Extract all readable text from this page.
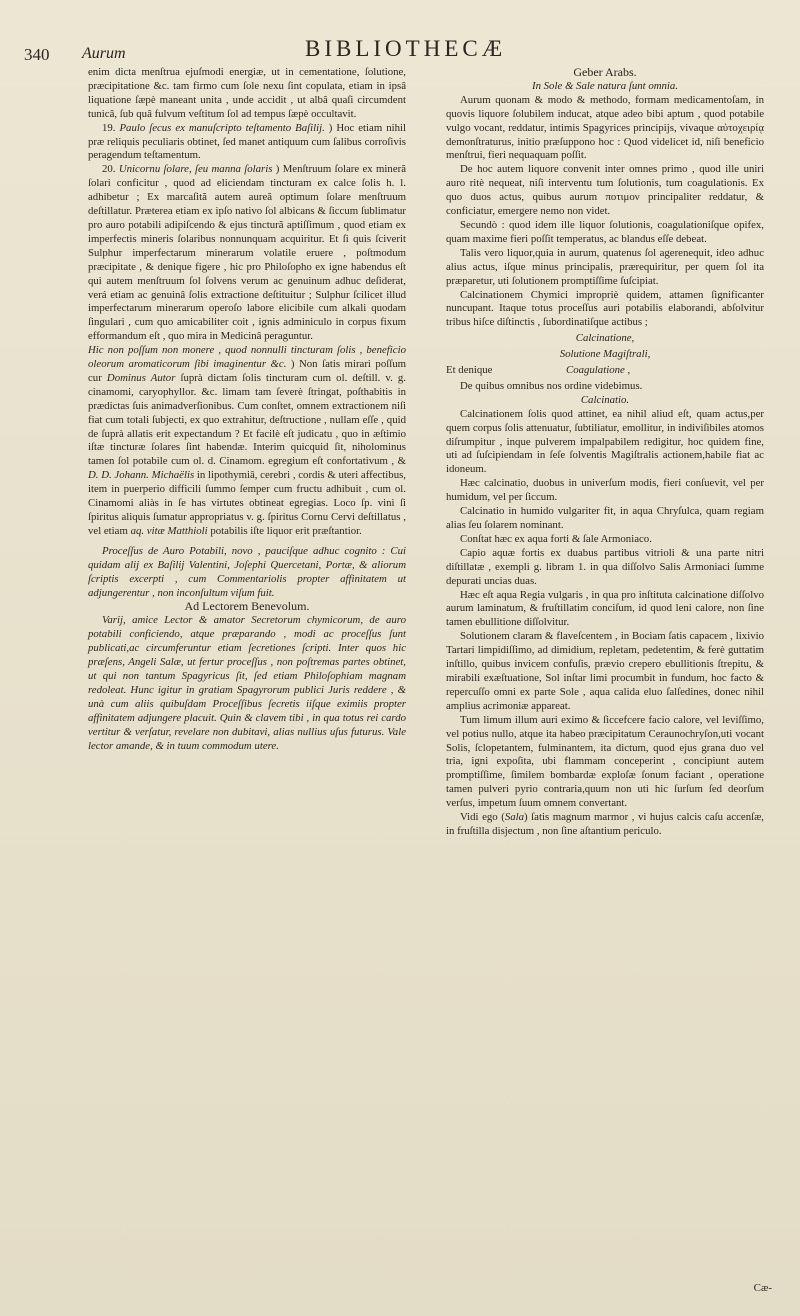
340 Aurum	BIBLIOTHECÆ

enim dicta menſtrua ejuſmodi energiæ, ut in cementatione, ſolutione, præcipitatione &c. tam firmo cum ſole nexu ſint copulata, etiam in ipsâ liquatione ſæpè maneant unita , unde accidit , ut albâ quaſi circumdent tunicâ, ſub quâ fulvum veſtitum ſol ad tempus ſæpè occultavit.

19. Paulo ſecus ex manuſcripto teſtamento Baſilij. ) Hoc etiam nihil præ reliquis peculiaris obtinet, ſed manet antiquum cum ſalibus corroſivis peragendum teſtamentum.

20. Unicornu ſolare, ſeu manna ſolaris ) Menſtruum ſolare ex mineră ſolari conficitur , quod ad eliciendam tincturam ex calce ſolis h. l. adhibetur ; Ex marcaſită autem aureă optimum ſolare menſtruum deſtillatur. Præterea etiam ex ipſo nativo ſol albicans & ſiccum ſublimatur pro auro potabili adipiſcendo & ejus tinctură aptiſſimum , quod etiam ex imperfectis mineris ſolaribus nonnunquam acquiritur. Et ſi quis ſciverit Sulphur imperfectarum minerarum volatile eruere , poſtmodum præcipitate , & denique figere , hic pro Philoſopho ex igne habendus eſt qui autem menſtruum ſol ſolvens verum ac genuinum adhuc deſiderat, verá etiam ac genuinâ ſolis extractione deſtituitur ; Sulphur ſcilicet illud imperfectarum minerarum operoſo labore elicibile cum alkali quodam ſingulari , cum quo amicabiliter coit , ignis adminiculo in corpus fixum efformandum eſt , quo mira in Medicinâ peraguntur.

Hic non poſſum non monere , quod nonnulli tincturam ſolis , beneficio oleorum aromaticorum ſibi imaginentur &c. ) Non ſatis mirari poſſum cur Dominus Autor ſuprà dictam ſolis tincturam cum ol. deſtill. v. g. cinamomi, caryophyllor. &c. limam tam ſeverè ſtringat, poſthabitis in prædictas ſuis animadverſionibus. Cum conſtet, omnem extractionem niſi fiat cum totali ſubjecti, ex quo extrahitur, deſtructione , nullam eſſe , quid de ſuprà allatis erit expectandum ? Et facilè eſt judicatu , quo in æſtimio iſtæ tincturæ ſolares ſint habendæ. Interim quicquid ſit, niholominus tamen ſol potabile cum ol. d. Cinamom. egregium eſt confortativum , & D. D. Johann. Michaëlis in lipothymiâ, cerebri , cordis & uteri affectibus, item in puerperio difficili ſummo ſemper cum fructu adhibuit , cum ol. Cinamomi aliàs in ſe has virtutes obtineat egregias. Loco ſp. vini ſi ſpiritus aliquis ſumatur appropriatus v. g. ſpiritus Cornu Cervi deſtillatus , vel etiam aq. vitæ Matthioli potabilis iſte liquor erit præſtantior.

Proceſſus de Auro Potabili, novo , pauciſque adhuc cognito : Cui quidam alij ex Baſilij Valentini, Joſephi Quercetani, Portæ, & aliorum ſcriptis excerpti , cum Commentariolis propter affinitatem ut adjungerentur , non inconſultum viſum fuit.

Ad Lectorem Benevolum.

Varij, amice Lector & amator Secretorum chymicorum, de auro potabili conficiendo, atque præparando , modi ac proceſſus ſunt publicati,ac circumferuntur etiam ſecretiones ſcripti. Inter quos hic præſens, Angeli Salæ, ut fertur proceſſus , non poſtremas partes obtinet, ut qui non tantum Spagyricus ſit, ſed etiam Philoſophiam magnam redoleat. Hunc igitur in gratiam Spagyrorum publici Juris reddere , & unà cum aliis quibuſdam Proceſſibus ſecretis iiſque eximiis propter affinitatem adjungere placuit. Quin & clavem tibi , in qua totus rei cardo vertitur & verſatur, revelare non dubitavi, alias nullius uſus futurus. Vale lector amande, & in tuum commodum utere.

Geber Arabs.

In Sole & Sale natura ſunt omnia.

Aurum quonam & modo & methodo, formam medicamentoſam, in quovis liquore ſolubilem inducat, atque adeo bibi aptum , quod potabile vulgo vocant, reddatur, intimis Spagyrices principijs, vivaque αὐτοχειρίᾳ demonſtraturus, initio præſuppono hoc : Quod videlicet id, niſi beneficio menſtrui, fieri nequaquam poſſit.

De hoc autem liquore convenit inter omnes primo , quod ille uniri auro ritè nequeat, niſi interventu tum ſolutionis, tum coagulationis. Ex quo duos actus, quibus aurum ποτιμον principaliter reddatur, & conficiatur, emergere nemo non videt.

Secundò : quod idem ille liquor ſolutionis, coagulationiſque opifex, quam maxime fieri poſſit temperatus, ac blandus eſſe debeat.

Talis vero liquor,quia in aurum, quatenus ſol agerenequit, ideo adhuc alius actus, iſque minus principalis, prærequiritur, per quem ſol ita præparetur, uti ſolutionem promptiſſime ſuſcipiat.

Calcinationem Chymici impropriè quidem, attamen ſignificanter nuncupant. Itaque totus proceſſus auri potabilis elaborandi, abſolvitur tribus hiſce diſtinctis , ſubordinatiſque actibus ;

Calcinatione,
Solutione Magiſtrali,
Et denique	Coagulatione ,

De quibus omnibus nos ordine videbimus.

Calcinatio.

Calcinationem ſolis quod attinet, ea nihil aliud eſt, quam actus,per quem corpus ſolis attenuatur, ſubtiliatur, emollitur, in indiviſibiles atomos diſrumpitur , inque pulverem impalpabilem redigitur, hoc quidem fine, uti ad ſuſcipiendam in ſeſe ſolventis Magiſtralis actionem,habile fiat ac idoneum.

Hæc calcinatio, duobus in univerſum modis, fieri conſuevit, vel per humidum, vel per ſiccum.

Calcinatio in humido vulgariter fit, in aqua Chryſulca, quam regiam alias ſeu ſolarem nominant.

Conſtat hæc ex aqua forti & ſale Armoniaco.

Capio aquæ fortis ex duabus partibus vitrioli & una parte nitri diſtillatæ , exempli g. libram 1. in qua diſſolvo Salis Armoniaci ſumme depurati uncias duas.

Hæc eſt aqua Regia vulgaris , in qua pro inſtituta calcinatione diſſolvo aurum laminatum, & fruſtillatim conciſum, id quod leni calore, non ſine tamen ebullitione diſſolvitur.

Solutionem claram & flaveſcentem , in Bociam ſatis capacem , lixivio Tartari limpidiſſimo, ad dimidium, repletam, pedetentim, & ferè guttatim inſtillo, quibus invicem confuſis, prævio crepero ebullitionis ſtrepitu, & mirabili exæſtuatione, Sol inſtar limi procumbit in fundum, hoc facto & repercuſſo omni ex parte Sole , aqua calida eluo ſalſedines, donec nihil amplius acrimoniæ appareat.

Tum limum illum auri eximo & ſiccefcere facio calore, vel leviſſimo, vel potius nullo, atque ita habeo præcipitatum Ceraunochryſon,uti vocant Solis, ſclopetantem, fulminantem, ita dictum, quod ejus grana duo vel tria, igni expoſita, ubi flammam conceperint , concipiunt autem promptiſſime, ſimilem bombardæ exploſæ ſonum faciant , operatione tamen pulveri pyrio contraria,quum non uti hic ſurſum ſed deorſum verſus, impetum ſuum omnem convertant.

Vidi ego (Sala) ſatis magnum marmor , vi hujus calcis caſu accenſæ, in fruſtilla disjectum , non ſine aſtantium periculo.

Cæ-
